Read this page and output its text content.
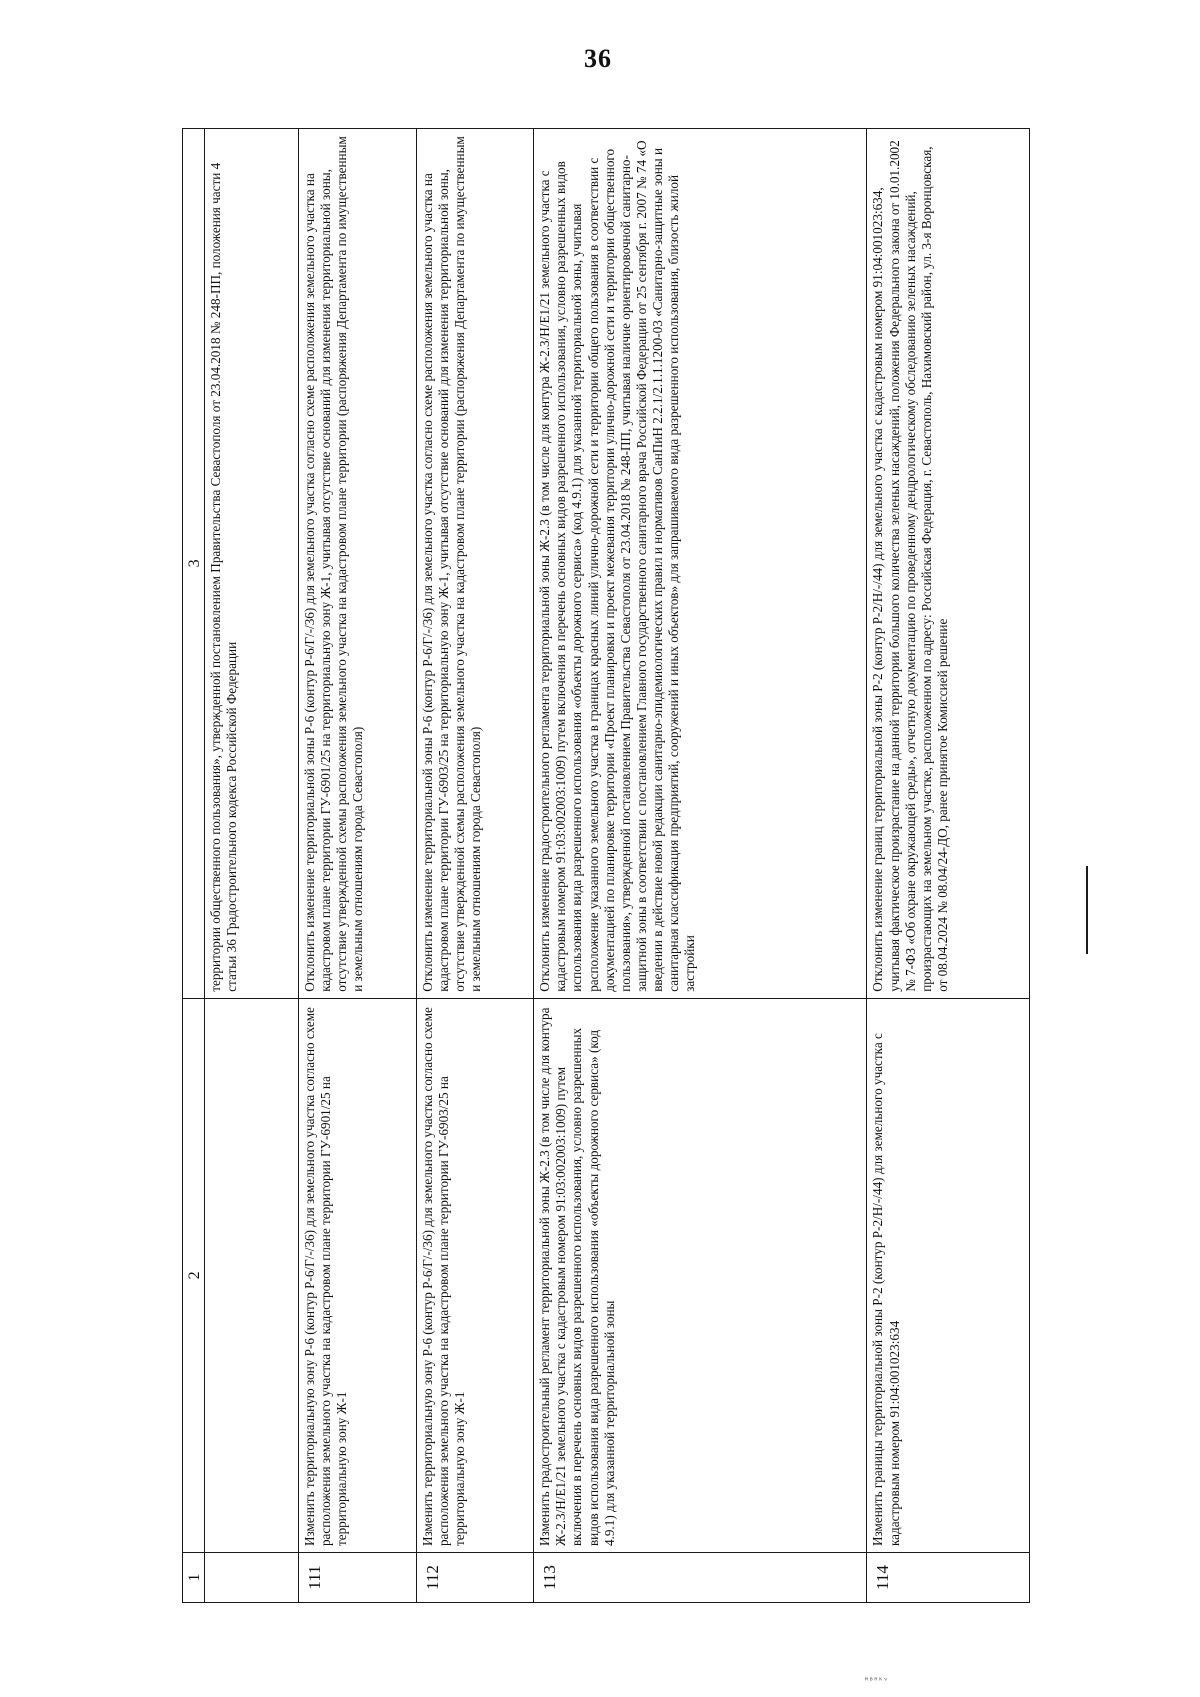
36
1
2
3 территории общественного пользования», утвержденной постановлением Правительства Севастополя от 23.04.2018 № 248-ПП, положения части 4 статьи 36 Градостроительного кодекса Российской Федерации
111
Изменить территориальную зону Р-6 (контур Р-6/Г/-/36) для земельного участка согласно схеме расположения земельного участка на кадастровом плане территории ГУ-6901/25 на территориальную зону Ж-1
Отклонить изменение территориальной зоны Р-6 (контур Р-6/Г/-/36) для земельного участка согласно схеме расположения земельного участка на кадастровом плане территории ГУ-6901/25 на территориальную зону Ж-1, учитывая отсутствие оснований для изменения территориальной зоны, отсутствие утвержденной схемы расположения земельного участка на кадастровом плане территории (распоряжения Департамента по имущественным и земельным отношениям города Севастополя)
112
Изменить территориальную зону Р-6 (контур Р-6/Г/-/36) для земельного участка согласно схеме расположения земельного участка на кадастровом плане территории ГУ-6903/25 на территориальную зону Ж-1
Отклонить изменение территориальной зоны Р-6 (контур Р-6/Г/-/36) для земельного участка согласно схеме расположения земельного участка на кадастровом плане территории ГУ-6903/25 на территориальную зону Ж-1, учитывая отсутствие оснований для изменения территориальной зоны, отсутствие утвержденной схемы расположения земельного участка на кадастровом плане территории (распоряжения Департамента по имущественным и земельным отношениям города Севастополя)
113
Изменить градостроительный регламент территориальной зоны Ж-2.3 (в том числе для контура Ж-2.3/Н/Е1/21 земельного участка с кадастровым номером 91:03:002003:1009) путем включения в перечень основных видов разрешенного использования, условно разрешенных видов использования вида разрешенного использования «объекты дорожного сервиса» (код 4.9.1) для указанной территориальной зоны
Отклонить изменение градостроительного регламента территориальной зоны Ж-2.3 (в том числе для контура Ж-2.3/Н/Е1/21 земельного участка с кадастровым номером 91:03:002003:1009) путем включения в перечень основных видов разрешенного использования, условно разрешенных видов использования вида разрешенного использования «объекты дорожного сервиса» (код 4.9.1) для указанной территориальной зоны, учитывая расположение указанного земельного участка в границах красных линий улично-дорожной сети и территории общего пользования в соответствии с документацией по планировке территории «Проект планировки и проект межевания территории улично-дорожной сети и территории общественного пользования», утвержденной постановлением Правительства Севастополя от 23.04.2018 № 248-ПП, учитывая наличие ориентировочной санитарно-защитной зоны в соответствии с постановлением Главного государственного санитарного врача Российской Федерации от 25 сентября г. 2007 № 74 «О введении в действие новой редакции санитарно-эпидемиологических правил и нормативов СанПиН 2.2.1/2.1.1.1200-03 «Санитарно-защитные зоны и санитарная классификация предприятий, сооружений и иных объектов» для запрашиваемого вида разрешенного использования, близость жилой застройки
114
Изменить границы территориальной зоны Р-2 (контур Р-2/Н/-/44) для земельного участка с кадастровым номером 91:04:001023:634
Отклонить изменение границ территориальной зоны Р-2 (контур Р-2/Н/-/44) для земельного участка с кадастровым номером 91:04:001023:634, учитывая фактическое произрастание на данной территории большого количества зеленых насаждений, положения Федерального закона от 10.01.2002 № 7-ФЗ «Об охране окружающей среды», отчетную документацию по проведенному дендрологическому обследованию зеленых насаждений, произрастающих на земельном участке, расположенном по адресу: Российская Федерация, г. Севастополь, Нахимовский район, ул. 3-я Воронцовская, от 08.04.2024 № 08.04/24-ДО, ранее принятое Комиссией решение
ᴹᴮᴿᴷᵛ
